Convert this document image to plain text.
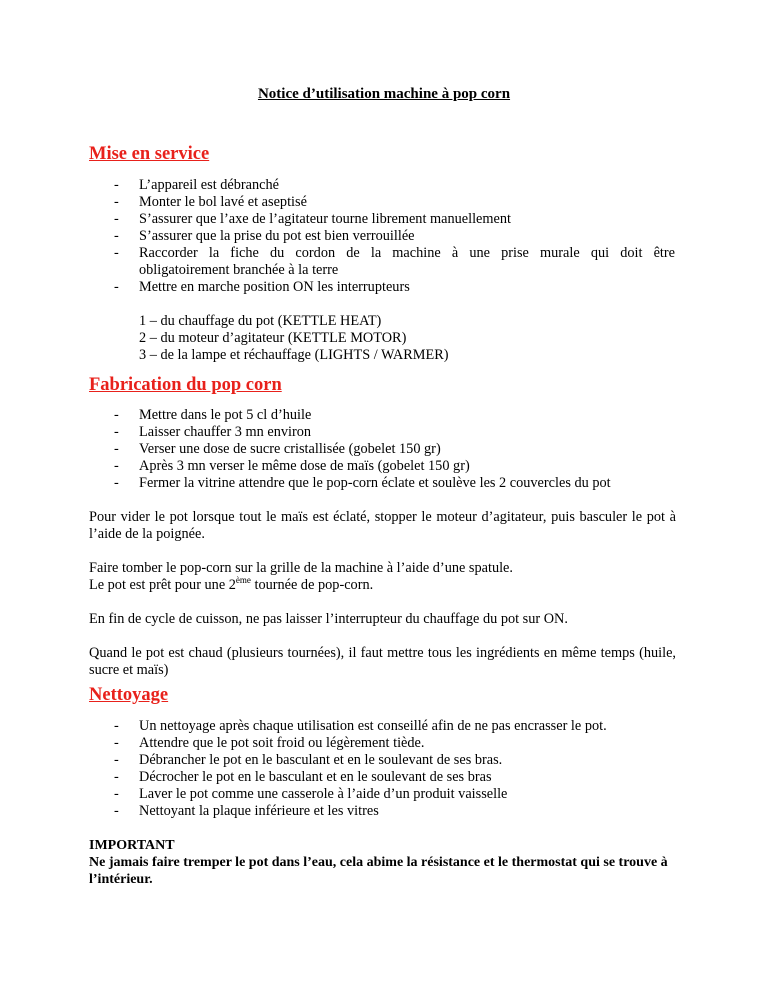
Notice d’utilisation machine à pop corn
Mise en service
- L’appareil est débranché
- Monter le bol lavé et aseptisé
- S’assurer que l’axe de l’agitateur tourne librement manuellement
- S’assurer que la prise du pot est bien verrouillée
- Raccorder la fiche du cordon de la machine à une prise murale qui doit être
obligatoirement branchée à la terre
- Mettre en marche position ON les interrupteurs
1 – du chauffage du pot (KETTLE HEAT)
2 – du moteur d’agitateur (KETTLE MOTOR)
3 – de la lampe et réchauffage (LIGHTS / WARMER)
Fabrication du pop corn
- Mettre dans le pot 5 cl d’huile
- Laisser chauffer 3 mn environ
- Verser une dose de sucre cristallisée (gobelet 150 gr)
- Après 3 mn verser le même dose de maïs (gobelet 150 gr)
- Fermer la vitrine attendre que le pop-corn éclate et soulève les 2 couvercles du pot
Pour vider le pot lorsque tout le maïs est éclaté, stopper le moteur d’agitateur, puis basculer le pot à l’aide de la poignée.

Faire tomber le pop-corn sur la grille de la machine à l’aide d’une spatule.

Le pot est prêt pour une 2ème tournée de pop-corn.

En fin de cycle de cuisson, ne pas laisser l’interrupteur du chauffage du pot sur ON.
Quand le pot est chaud (plusieurs tournées), il faut mettre tous les ingrédients en même temps (huile, sucre et maïs)
Nettoyage
- Un nettoyage après chaque utilisation est conseillé afin de ne pas encrasser le pot.
- Attendre que le pot soit froid ou légèrement tiède.
- Débrancher le pot en le basculant et en le soulevant de ses bras.
- Décrocher le pot en le basculant et en le soulevant de ses bras
- Laver le pot comme une casserole à l’aide d’un produit vaisselle
- Nettoyant la plaque inférieure et les vitres
IMPORTANT
Ne jamais faire tremper le pot dans l’eau, cela abime la résistance et le thermostat qui se trouve à l’intérieur.
